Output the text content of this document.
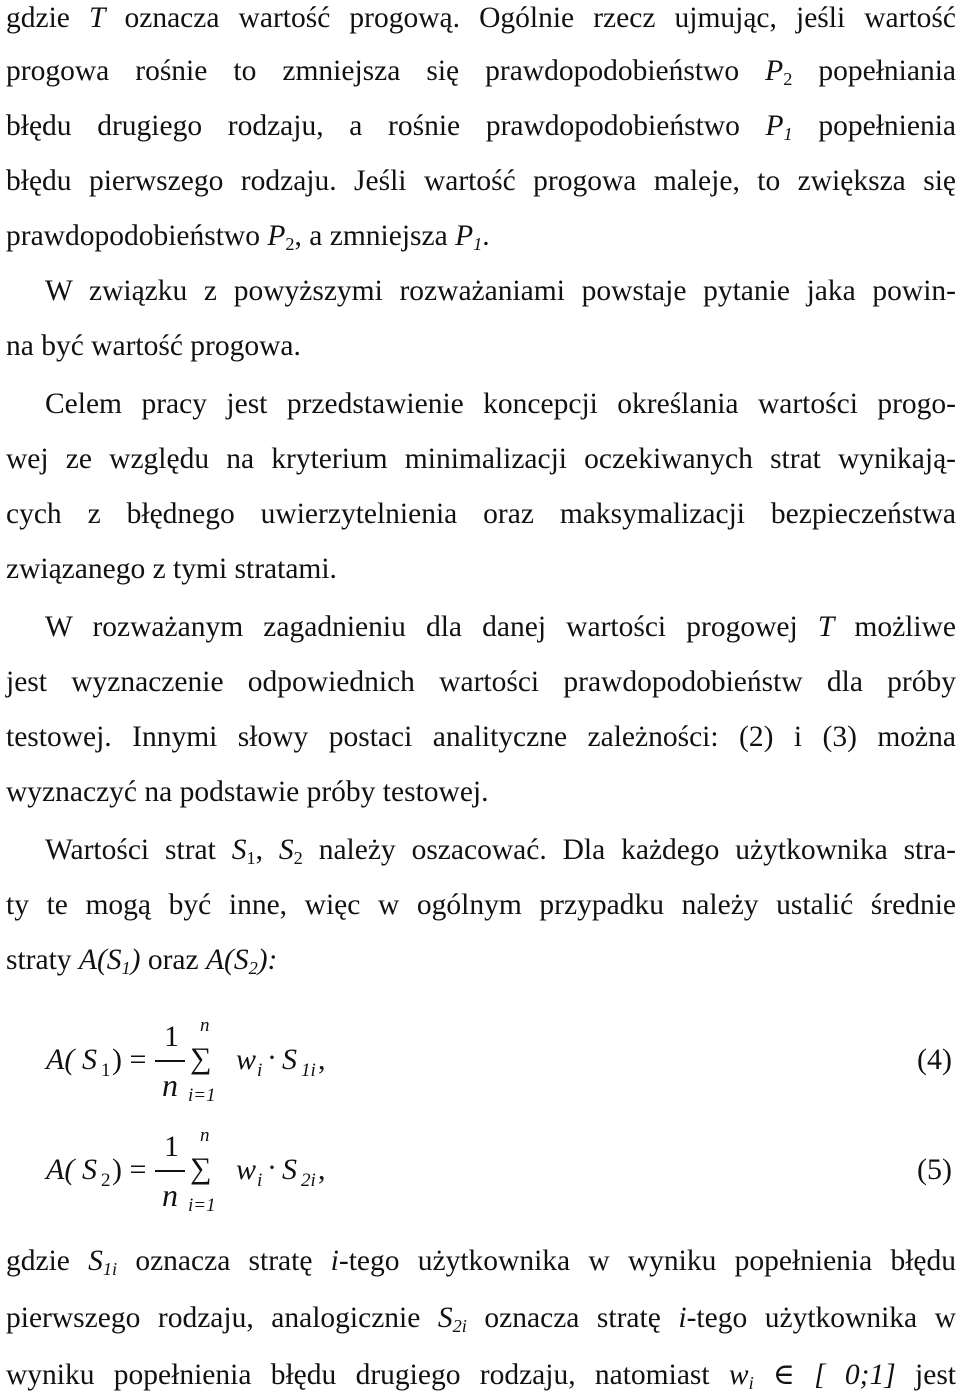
gdzie T oznacza wartość progową. Ogólnie rzecz ujmując, jeśli wartość
progowa rośnie to zmniejsza się prawdopodobieństwo $P_2$ popełniania
błędu drugiego rodzaju, a rośnie prawdopodobieństwo $P_1$ popełnienia
błędu pierwszego rodzaju. Jeśli wartość progowa maleje, to zwiększa się
prawdopodobieństwo $P_2$, a zmniejsza $P_1$.
W związku z powyższymi rozważaniami powstaje pytanie jaka powin-
na być wartość progowa.
Celem pracy jest przedstawienie koncepcji określania wartości progo-
wej ze względu na kryterium minimalizacji oczekiwanych strat wynikają-
cych z błędnego uwierzytelnienia oraz maksymalizacji bezpieczeństwa
związanego z tymi stratami.
W rozważanym zagadnieniu dla danej wartości progowej T możliwe
jest wyznaczenie odpowiednich wartości prawdopodobieństw dla próby
testowej. Innymi słowy postaci analityczne zależności: (2) i (3) można
wyznaczyć na podstawie próby testowej.
Wartości strat $S_1$, $S_2$ należy oszacować. Dla każdego użytkownika stra-
ty te mogą być inne, więc w ogólnym przypadku należy ustalić średnie
straty $A(S_1)$ oraz $A(S_2)$:
A( S 1 ) =
1
n
n
∑
i=1
w i · S 1i ,	(4)
A( S 2 ) =
1
n
n
∑
i=1
w i · S 2i ,	(5)
gdzie $S_{1i}$ oznacza stratę i-tego użytkownika w wyniku popełnienia błędu
pierwszego rodzaju, analogicznie $S_{2i}$ oznacza stratę i-tego użytkownika w
wyniku popełnienia błędu drugiego rodzaju, natomiast $w_i$ ∈ [ 0;1] jest
